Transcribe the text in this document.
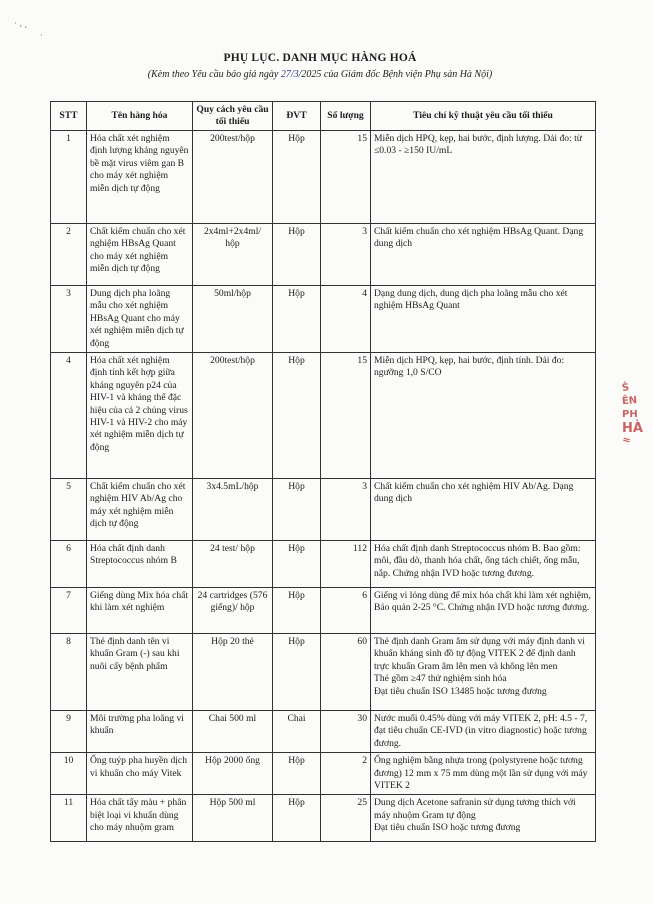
· ‚ ˛
·
PHỤ LỤC. DANH MỤC HÀNG HOÁ
(Kèm theo Yêu cầu báo giá ngày 27/3/2025 của Giám đốc Bệnh viện Phụ sản Hà Nội)
STT	Tên hàng hóa	Quy cách yêu cầu tối thiểu	ĐVT	Số lượng	Tiêu chí kỹ thuật yêu cầu tối thiểu
1	Hóa chất xét nghiệm định lượng kháng nguyên bề mặt virus viêm gan B cho máy xét nghiệm miễn dịch tự động	200test/hộp	Hộp	15	Miễn dịch HPQ, kẹp, hai bước, định lượng. Dải đo: từ ≤0.03 - ≥150 IU/mL
2	Chất kiểm chuẩn cho xét nghiệm HBsAg Quant cho máy xét nghiệm miễn dịch tự động	2x4ml+2x4ml/ hộp	Hộp	3	Chất kiểm chuẩn cho xét nghiệm HBsAg Quant. Dạng dung dịch
3	Dung dịch pha loãng mẫu cho xét nghiệm HBsAg Quant cho máy xét nghiệm miễn dịch tự động	50ml/hộp	Hộp	4	Dạng dung dịch, dung dịch pha loãng mẫu cho xét nghiệm HBsAg Quant
4	Hóa chất xét nghiệm định tính kết hợp giữa kháng nguyên p24 của HIV-1 và kháng thể đặc hiệu của cả 2 chủng virus HIV-1 và HIV-2 cho máy xét nghiệm miễn dịch tự động	200test/hộp	Hộp	15	Miễn dịch HPQ, kẹp, hai bước, định tính. Dải đo: ngưỡng 1,0 S/CO
5	Chất kiểm chuẩn cho xét nghiệm HIV Ab/Ag cho máy xét nghiệm miễn dịch tự động	3x4.5mL/hộp	Hộp	3	Chất kiểm chuẩn cho xét nghiệm HIV Ab/Ag. Dạng dung dịch
6	Hóa chất định danh Streptococcus nhóm B	24 test/ hộp	Hộp	112	Hóa chất định danh Streptococcus nhóm B. Bao gồm: môi, đầu dò, thanh hóa chất, ống tách chiết, ống mẫu, nắp. Chứng nhận IVD hoặc tương đương.
7	Giếng dùng Mix hóa chất khi làm xét nghiệm	24 cartridges (576 giếng)/ hộp	Hộp	6	Giếng vi lỏng dùng để mix hóa chất khi làm xét nghiệm, Bảo quản 2-25 °C. Chứng nhận IVD hoặc tương đương.
8	Thẻ định danh tên vi khuẩn Gram (-) sau khi nuôi cấy bệnh phẩm	Hộp 20 thẻ	Hộp	60	Thẻ định danh Gram âm sử dụng với máy định danh vi khuẩn kháng sinh đồ tự động VITEK 2 để định danh trực khuẩn Gram âm lên men và không lên men
Thẻ gồm ≥47 thử nghiệm sinh hóa
Đạt tiêu chuẩn ISO 13485 hoặc tương đương
9	Môi trường pha loãng vi khuẩn	Chai 500 ml	Chai	30	Nước muối 0.45% dùng với máy VITEK 2, pH: 4.5 - 7, đạt tiêu chuẩn CE-IVD (in vitro diagnostic) hoặc tương đương.
10	Ống tuýp pha huyền dịch vi khuẩn cho máy Vitek	Hộp 2000 ống	Hộp	2	Ống nghiệm bằng nhựa trong (polystyrene hoặc tương đương) 12 mm x 75 mm dùng một lần sử dụng với máy VITEK 2
11	Hóa chất tẩy màu + phân biệt loại vi khuẩn dùng cho máy nhuộm gram	Hộp 500 ml	Hộp	25	Dung dịch Acetone safranin sử dụng tương thích với máy nhuộm Gram tự động
Đạt tiêu chuẩn ISO hoặc tương đương
Ṡ
ÊN
PH
HÀ
≈
